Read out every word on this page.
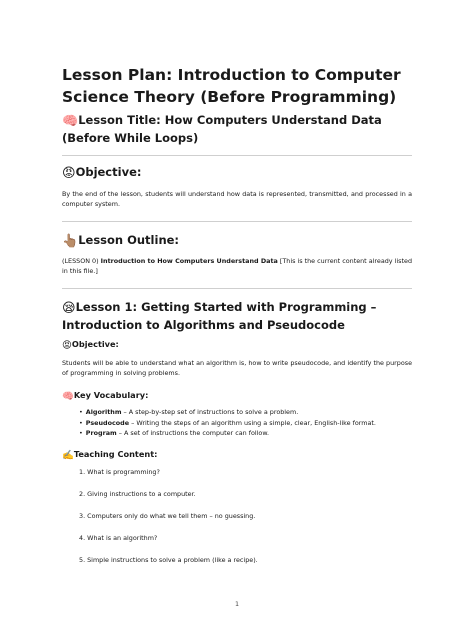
Lesson Plan: Introduction to Computer Science Theory (Before Programming)
🧠Lesson Title: How Computers Understand Data (Before While Loops)
😡Objective:

By the end of the lesson, students will understand how data is represented, transmitted, and processed in a computer system.

👆🏽Lesson Outline:

(LESSON 0) Introduction to How Computers Understand Data [This is the current content already listed in this file.]

😪Lesson 1: Getting Started with Programming – Introduction to Algorithms and Pseudocode
😡Objective:

Students will be able to understand what an algorithm is, how to write pseudocode, and identify the purpose of programming in solving problems.

🧠Key Vocabulary:
• Algorithm – A step-by-step set of instructions to solve a problem.
• Pseudocode – Writing the steps of an algorithm using a simple, clear, English-like format.
• Program – A set of instructions the computer can follow.
✍️Teaching Content:

1. What is programming?

2. Giving instructions to a computer.

3. Computers only do what we tell them – no guessing.

4. What is an algorithm?

5. Simple instructions to solve a problem (like a recipe).

1
